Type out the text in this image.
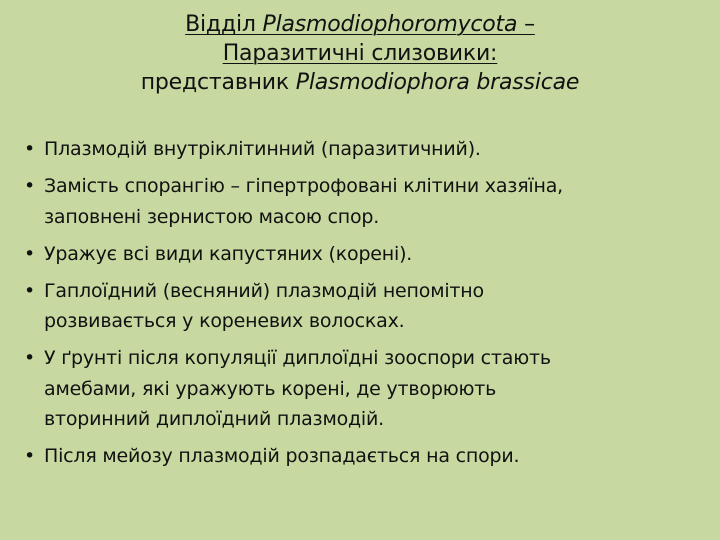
Відділ Plasmodiophoromycota –
Паразитичні слизовики:
представник Plasmodiophora brassicae
• Плазмодій внутріклітинний (паразитичний).
• Замість спорангію – гіпертрофовані клітини хазяїна,
заповнені зернистою масою спор.
• Уражує всі види капустяних (корені).
• Гаплоїдний (весняний) плазмодій непомітно
розвивається у кореневих волосках.
• У ґрунті після копуляції диплоїдні зооспори стають
амебами, які уражують корені, де утворюють
вторинний диплоїдний плазмодій.
• Після мейозу плазмодій розпадається на спори.
